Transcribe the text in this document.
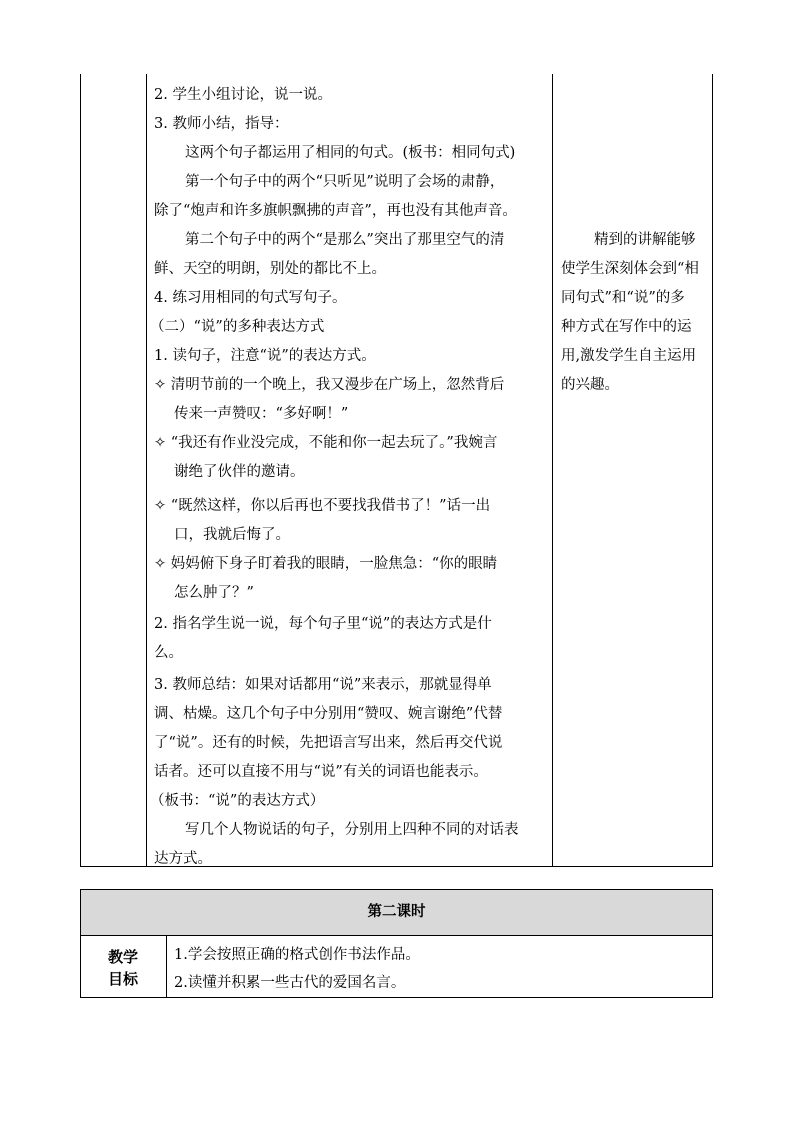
2. 学生小组讨论，说一说。
3. 教师小结，指导：
这两个句子都运用了相同的句式。(板书：相同句式)
第一个句子中的两个“只听见”说明了会场的肃静，
除了“炮声和许多旗帜飘拂的声音”，再也没有其他声音。
第二个句子中的两个“是那么”突出了那里空气的清
鲜、天空的明朗，别处的都比不上。
4. 练习用相同的句式写句子。
（二）“说”的多种表达方式
1. 读句子，注意“说”的表达方式。
✧ 清明节前的一个晚上，我又漫步在广场上，忽然背后
传来一声赞叹：“多好啊！”
✧ “我还有作业没完成，不能和你一起去玩了。”我婉言
谢绝了伙伴的邀请。
✧ “既然这样，你以后再也不要找我借书了！”话一出
口，我就后悔了。
✧ 妈妈俯下身子盯着我的眼睛，一脸焦急：“你的眼睛
怎么肿了？”
2. 指名学生说一说，每个句子里“说”的表达方式是什
么。
3. 教师总结：如果对话都用“说”来表示，那就显得单
调、枯燥。这几个句子中分别用“赞叹、婉言谢绝”代替
了“说”。还有的时候，先把语言写出来，然后再交代说
话者。还可以直接不用与“说”有关的词语也能表示。
（板书：“说”的表达方式）
写几个人物说话的句子，分别用上四种不同的对话表
达方式。
精到的讲解能够
使学生深刻体会到“相
同句式”和“说”的多
种方式在写作中的运
用,激发学生自主运用
的兴趣。
第二课时
教学
目标
1.学会按照正确的格式创作书法作品。
2.读懂并积累一些古代的爱国名言。
